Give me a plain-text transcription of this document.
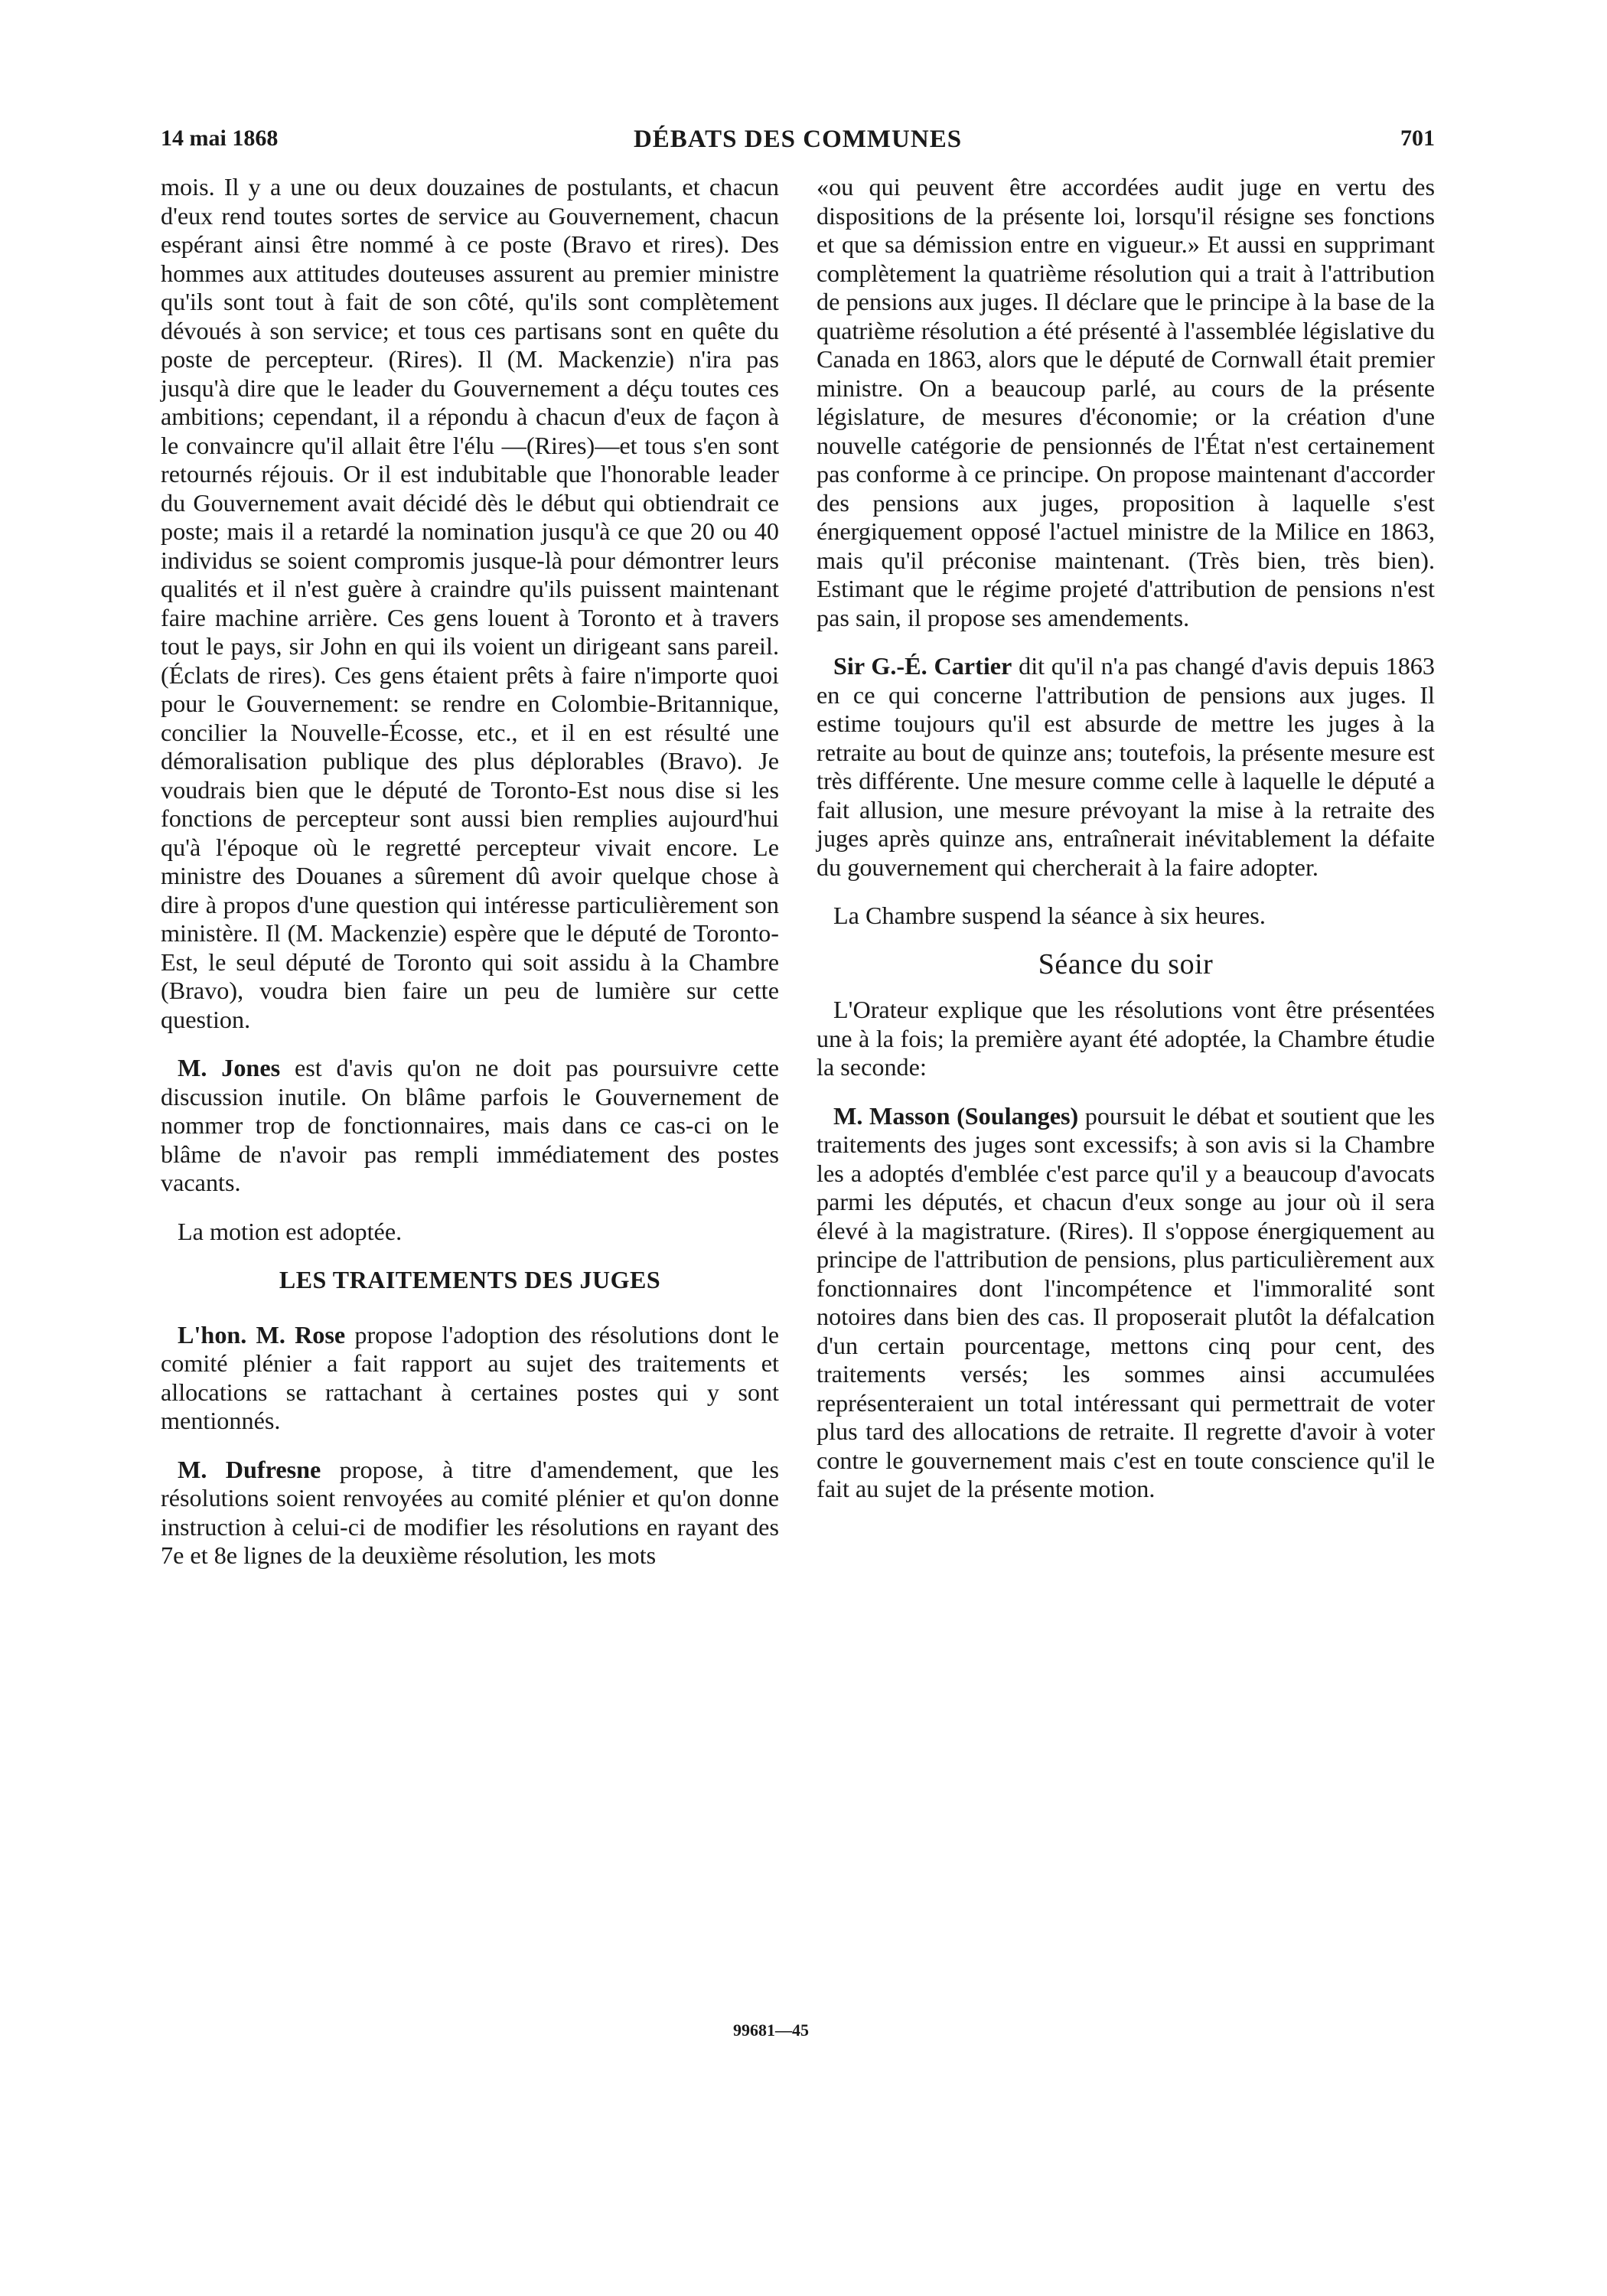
14 mai 1868	DÉBATS DES COMMUNES	701

mois. Il y a une ou deux douzaines de postulants, et chacun d'eux rend toutes sortes de service au Gouvernement, chacun espérant ainsi être nommé à ce poste (Bravo et rires). Des hommes aux attitudes douteuses assurent au premier ministre qu'ils sont tout à fait de son côté, qu'ils sont complètement dévoués à son service; et tous ces partisans sont en quête du poste de percepteur. (Rires). Il (M. Mackenzie) n'ira pas jusqu'à dire que le leader du Gouvernement a déçu toutes ces ambitions; cependant, il a répondu à chacun d'eux de façon à le convaincre qu'il allait être l'élu —(Rires)—et tous s'en sont retournés réjouis. Or il est indubitable que l'honorable leader du Gouvernement avait décidé dès le début qui obtiendrait ce poste; mais il a retardé la nomination jusqu'à ce que 20 ou 40 individus se soient compromis jusque-là pour démontrer leurs qualités et il n'est guère à craindre qu'ils puissent maintenant faire machine arrière. Ces gens louent à Toronto et à travers tout le pays, sir John en qui ils voient un dirigeant sans pareil. (Éclats de rires). Ces gens étaient prêts à faire n'importe quoi pour le Gouvernement: se rendre en Colombie-Britannique, concilier la Nouvelle-Écosse, etc., et il en est résulté une démoralisation publique des plus déplorables (Bravo). Je voudrais bien que le député de Toronto-Est nous dise si les fonctions de percepteur sont aussi bien remplies aujourd'hui qu'à l'époque où le regretté percepteur vivait encore. Le ministre des Douanes a sûrement dû avoir quelque chose à dire à propos d'une question qui intéresse particulièrement son ministère. Il (M. Mackenzie) espère que le député de Toronto-Est, le seul député de Toronto qui soit assidu à la Chambre (Bravo), voudra bien faire un peu de lumière sur cette question.

M. Jones est d'avis qu'on ne doit pas poursuivre cette discussion inutile. On blâme parfois le Gouvernement de nommer trop de fonctionnaires, mais dans ce cas-ci on le blâme de n'avoir pas rempli immédiatement des postes vacants.

La motion est adoptée.

LES TRAITEMENTS DES JUGES

L'hon. M. Rose propose l'adoption des résolutions dont le comité plénier a fait rapport au sujet des traitements et allocations se rattachant à certaines postes qui y sont mentionnés.

M. Dufresne propose, à titre d'amendement, que les résolutions soient renvoyées au comité plénier et qu'on donne instruction à celui-ci de modifier les résolutions en rayant des 7e et 8e lignes de la deuxième résolution, les mots

«ou qui peuvent être accordées audit juge en vertu des dispositions de la présente loi, lorsqu'il résigne ses fonctions et que sa démission entre en vigueur.» Et aussi en supprimant complètement la quatrième résolution qui a trait à l'attribution de pensions aux juges. Il déclare que le principe à la base de la quatrième résolution a été présenté à l'assemblée législative du Canada en 1863, alors que le député de Cornwall était premier ministre. On a beaucoup parlé, au cours de la présente législature, de mesures d'économie; or la création d'une nouvelle catégorie de pensionnés de l'État n'est certainement pas conforme à ce principe. On propose maintenant d'accorder des pensions aux juges, proposition à laquelle s'est énergiquement opposé l'actuel ministre de la Milice en 1863, mais qu'il préconise maintenant. (Très bien, très bien). Estimant que le régime projeté d'attribution de pensions n'est pas sain, il propose ses amendements.

Sir G.-É. Cartier dit qu'il n'a pas changé d'avis depuis 1863 en ce qui concerne l'attribution de pensions aux juges. Il estime toujours qu'il est absurde de mettre les juges à la retraite au bout de quinze ans; toutefois, la présente mesure est très différente. Une mesure comme celle à laquelle le député a fait allusion, une mesure prévoyant la mise à la retraite des juges après quinze ans, entraînerait inévitablement la défaite du gouvernement qui chercherait à la faire adopter.

La Chambre suspend la séance à six heures.

Séance du soir

L'Orateur explique que les résolutions vont être présentées une à la fois; la première ayant été adoptée, la Chambre étudie la seconde:

M. Masson (Soulanges) poursuit le débat et soutient que les traitements des juges sont excessifs; à son avis si la Chambre les a adoptés d'emblée c'est parce qu'il y a beaucoup d'avocats parmi les députés, et chacun d'eux songe au jour où il sera élevé à la magistrature. (Rires). Il s'oppose énergiquement au principe de l'attribution de pensions, plus particulièrement aux fonctionnaires dont l'incompétence et l'immoralité sont notoires dans bien des cas. Il proposerait plutôt la défalcation d'un certain pourcentage, mettons cinq pour cent, des traitements versés; les sommes ainsi accumulées représenteraient un total intéressant qui permettrait de voter plus tard des allocations de retraite. Il regrette d'avoir à voter contre le gouvernement mais c'est en toute conscience qu'il le fait au sujet de la présente motion.

99681—45
